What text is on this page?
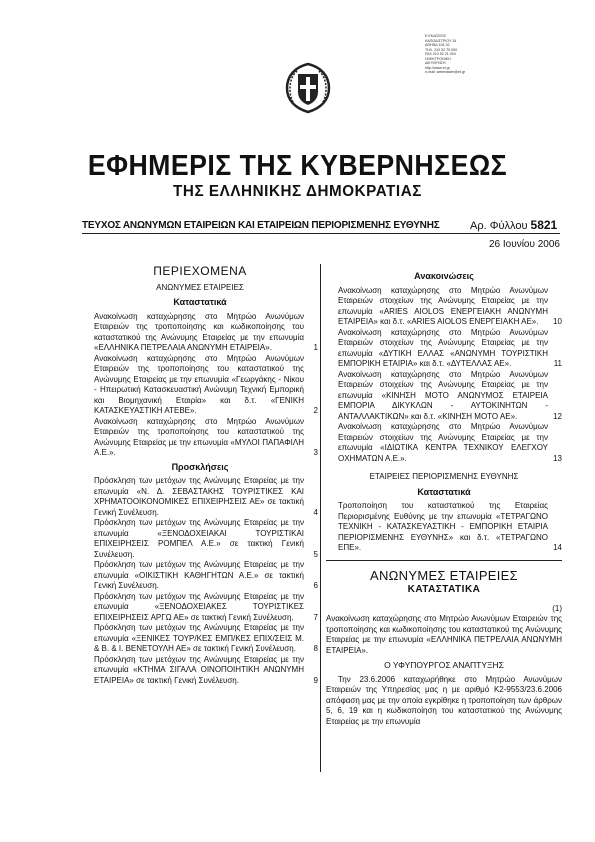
Ε.ΕΚΔΟΣΕΙΣ
ΚΑΠΟΔΙΣΤΡΙΟΥ 34
ΑΘΗΝΑ 104 32
ΤΗΛ. 210 52 79 000
FAX 210 52 21 004
ΗΛΕΚΤΡΟΝΙΚΗ
ΔΙΕΥΘΥΝΣΗ:
http://www.et.gr
e-mail: webmaster@et.gr
ΕΦΗΜΕΡΙΣ ΤΗΣ ΚΥΒΕΡΝΗΣΕΩΣ
ΤΗΣ ΕΛΛΗΝΙΚΗΣ ΔΗΜΟΚΡΑΤΙΑΣ
ΤΕΥΧΟΣ ΑΝΩΝΥΜΩΝ ΕΤΑΙΡΕΙΩΝ ΚΑΙ ΕΤΑΙΡΕΙΩΝ ΠΕΡΙΟΡΙΣΜΕΝΗΣ ΕΥΘΥΝΗΣ	Αρ. Φύλλου 5821
26 Ιουνίου 2006
ΠΕΡΙΕΧΟΜΕΝΑ
ΑΝΩΝΥΜΕΣ ΕΤΑΙΡΕΙΕΣ
Καταστατικά
Ανακοίνωση καταχώρησης στο Μητρώο Ανωνύμων Εταιρειών της τροποποίησης και κωδικοποίησης του καταστατικού της Ανώνυμης Εταιρείας με την επωνυμία «ΕΛΛΗΝΙΚΑ ΠΕΤΡΕΛΑΙΑ ΑΝΩΝΥΜΗ ΕΤΑΙΡΕΙΑ».	1
Ανακοίνωση καταχώρησης στο Μητρώο Ανωνύμων Εταιρειών της τροποποίησης του καταστατικού της Ανώνυμης Εταιρείας με την επωνυμία «Γεωργάκης - Νίκου - Ηπειρωτική Κατασκευαστική Ανώνυμη Τεχνική Εμπορική και Βιομηχανική Εταιρία» και δ.τ. «ΓΕΝΙΚΗ ΚΑΤΑΣΚΕΥΑΣΤΙΚΗ ΑΤΕΒΕ».	2
Ανακοίνωση καταχώρησης στο Μητρώο Ανωνύμων Εταιρειών της τροποποίησης του καταστατικού της Ανώνυμης Εταιρείας με την επωνυμία «ΜΥΛΟΙ ΠΑΠΑΦΙΛΗ Α.Ε.».	3
Προσκλήσεις
Πρόσκληση των μετόχων της Ανώνυμης Εταιρείας με την επωνυμία «Ν. Δ. ΣΕΒΑΣΤΑΚΗΣ ΤΟΥΡΙΣΤΙΚΕΣ ΚΑΙ ΧΡΗΜΑΤΟΟΙΚΟΝΟΜΙΚΕΣ ΕΠΙΧΕΙΡΗΣΕΙΣ ΑΕ» σε τακτική Γενική Συνέλευση.	4
Πρόσκληση των μετόχων της Ανώνυμης Εταιρείας με την επωνυμία «ΞΕΝΟΔΟΧΕΙΑΚΑΙ ΤΟΥΡΙΣΤΙΚΑΙ ΕΠΙΧΕΙΡΗΣΕΙΣ ΡΟΜΠΕΛ Α.Ε.» σε τακτική Γενική Συνέλευση.	5
Πρόσκληση των μετόχων της Ανώνυμης Εταιρείας με την επωνυμία «ΟΙΚΙΣΤΙΚΗ ΚΑΘΗΓΗΤΩΝ Α.Ε.» σε τακτική Γενική Συνέλευση.	6
Πρόσκληση των μετόχων της Ανώνυμης Εταιρείας με την επωνυμία «ΞΕΝΟΔΟΧΕΙΑΚΕΣ ΤΟΥΡΙΣΤΙΚΕΣ ΕΠΙΧΕΙΡΗΣΕΙΣ ΑΡΓΩ ΑΕ» σε τακτική Γενική Συνέλευση. 7
Πρόσκληση των μετόχων της Ανώνυμης Εταιρείας με την επωνυμία «ΞΕΝΙΚΕΣ ΤΟΥΡ/ΚΕΣ ΕΜΠ/ΚΕΣ ΕΠΙΧ/ΣΕΙΣ Μ. & Β. & Ι. ΒΕΝΕΤΟΥΛΗ ΑΕ» σε τακτική Γενική Συνέλευση. 8
Πρόσκληση των μετόχων της Ανώνυμης Εταιρείας με την επωνυμία «ΚΤΗΜΑ ΣΙΓΑΛΑ ΟΙΝΟΠΟΙΗΤΙΚΗ ΑΝΩΝΥΜΗ ΕΤΑΙΡΕΙΑ» σε τακτική Γενική Συνέλευση.	9
Ανακοινώσεις
Ανακοίνωση καταχώρησης στο Μητρώο Ανωνύμων Εταιρειών στοιχείων της Ανώνυμης Εταιρείας με την επωνυμία «ARIES AIOLOS ΕΝΕΡΓΕΙΑΚΗ ΑΝΩΝΥΜΗ ΕΤΑΙΡΕΙΑ» και δ.τ. «ARIES AIOLOS ΕΝΕΡΓΕΙΑΚΗ ΑΕ». 10
Ανακοίνωση καταχώρησης στο Μητρώο Ανωνύμων Εταιρειών στοιχείων της Ανώνυμης Εταιρείας με την επωνυμία «ΔΥΤΙΚΗ ΕΛΛΑΣ «ΑΝΩΝΥΜΗ ΤΟΥΡΙΣΤΙΚΗ ΕΜΠΟΡΙΚΗ ΕΤΑΙΡΙΑ» και δ.τ. «ΔΥΤΕΛΛΑΣ ΑΕ».	11
Ανακοίνωση καταχώρησης στο Μητρώο Ανωνύμων Εταιρειών στοιχείων της Ανώνυμης Εταιρείας με την επωνυμία «ΚΙΝΗΣΗ ΜΟΤΟ ΑΝΩΝΥΜΟΣ ΕΤΑΙΡΕΙΑ ΕΜΠΟΡΙΑ ΔΙΚΥΚΛΩΝ - ΑΥΤΟΚΙΝΗΤΩΝ - ΑΝΤΑΛΛΑΚΤΙΚΩΝ» και δ.τ. «ΚΙΝΗΣΗ ΜΟΤΟ ΑΕ».	12
Ανακοίνωση καταχώρησης στο Μητρώο Ανωνύμων Εταιρειών στοιχείων της Ανώνυμης Εταιρείας με την επωνυμία «ΙΔΙΩΤΙΚΑ ΚΕΝΤΡΑ ΤΕΧΝΙΚΟΥ ΕΛΕΓΧΟΥ ΟΧΗΜΑΤΩΝ Α.Ε.».	13
ΕΤΑΙΡΕΙΕΣ ΠΕΡΙΟΡΙΣΜΕΝΗΣ ΕΥΘΥΝΗΣ
Καταστατικά
Τροποποίηση του καταστατικού της Εταιρείας Περιορισμένης Ευθύνης με την επωνυμία «ΤΕΤΡΑΓΩΝΟ ΤΕΧΝΙΚΗ - ΚΑΤΑΣΚΕΥΑΣΤΙΚΗ - ΕΜΠΟΡΙΚΗ ΕΤΑΙΡΙΑ ΠΕΡΙΟΡΙΣΜΕΝΗΣ ΕΥΘΥΝΗΣ» και δ.τ. «ΤΕΤΡΑΓΩΝΟ ΕΠΕ».	14
ΑΝΩΝΥΜΕΣ ΕΤΑΙΡΕΙΕΣ
ΚΑΤΑΣΤΑΤΙΚΑ
(1)
Ανακοίνωση καταχώρησης στο Μητρώο Ανωνύμων Εταιρειών της τροποποίησης και κωδικοποίησης του καταστατικού της Ανώνυμης Εταιρείας με την επωνυμία «ΕΛΛΗΝΙΚΑ ΠΕΤΡΕΛΑΙΑ ΑΝΩΝΥΜΗ ΕΤΑΙΡΕΙΑ».
Ο ΥΦΥΠΟΥΡΓΟΣ ΑΝΑΠΤΥΞΗΣ
Την 23.6.2006 καταχωρήθηκε στο Μητρώο Ανωνύμων Εταιρειών της Υπηρεσίας μας η με αριθμό Κ2-9553/23.6.2006 απόφαση μας με την οποία εγκρίθηκε η τροποποίηση των άρθρων 5, 6, 19 και η κωδικοποίηση του καταστατικού της Ανώνυμης Εταιρείας με την επωνυμία
